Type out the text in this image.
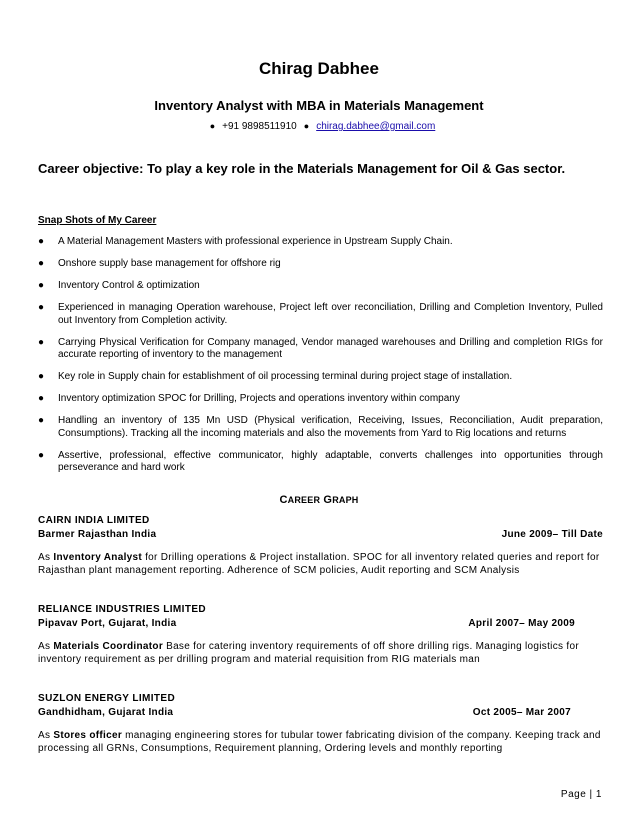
Chirag Dabhee
Inventory Analyst with MBA in Materials Management
● +91 9898511910 ● chirag.dabhee@gmail.com
Career objective: To play a key role in the Materials Management for Oil & Gas sector.
Snap Shots of My Career
● A Material Management Masters with professional experience in Upstream Supply Chain.
● Onshore supply base management for offshore rig
● Inventory Control & optimization
● Experienced in managing Operation warehouse, Project left over reconciliation, Drilling and Completion Inventory, Pulled out Inventory from Completion activity.
● Carrying Physical Verification for Company managed, Vendor managed warehouses and Drilling and completion RIGs for accurate reporting of inventory to the management
● Key role in Supply chain for establishment of oil processing terminal during project stage of installation.
● Inventory optimization SPOC for Drilling, Projects and operations inventory within company
● Handling an inventory of 135 Mn USD (Physical verification, Receiving, Issues, Reconciliation, Audit preparation, Consumptions). Tracking all the incoming materials and also the movements from Yard to Rig locations and returns
● Assertive, professional, effective communicator, highly adaptable, converts challenges into opportunities through perseverance and hard work
CAREER GRAPH
CAIRN INDIA LIMITED
Barmer Rajasthan India	June 2009– Till Date
As Inventory Analyst for Drilling operations & Project installation. SPOC for all inventory related queries and report for Rajasthan plant management reporting. Adherence of SCM policies, Audit reporting and SCM Analysis
RELIANCE INDUSTRIES LIMITED
Pipavav Port, Gujarat, India	April 2007– May 2009
As Materials Coordinator Base for catering inventory requirements of off shore drilling rigs. Managing logistics for inventory requirement as per drilling program and material requisition from RIG materials man
SUZLON ENERGY LIMITED
Gandhidham, Gujarat India	Oct 2005– Mar 2007
As Stores officer managing engineering stores for tubular tower fabricating division of the company. Keeping track and processing all GRNs, Consumptions, Requirement planning, Ordering levels and monthly reporting
Page | 1
